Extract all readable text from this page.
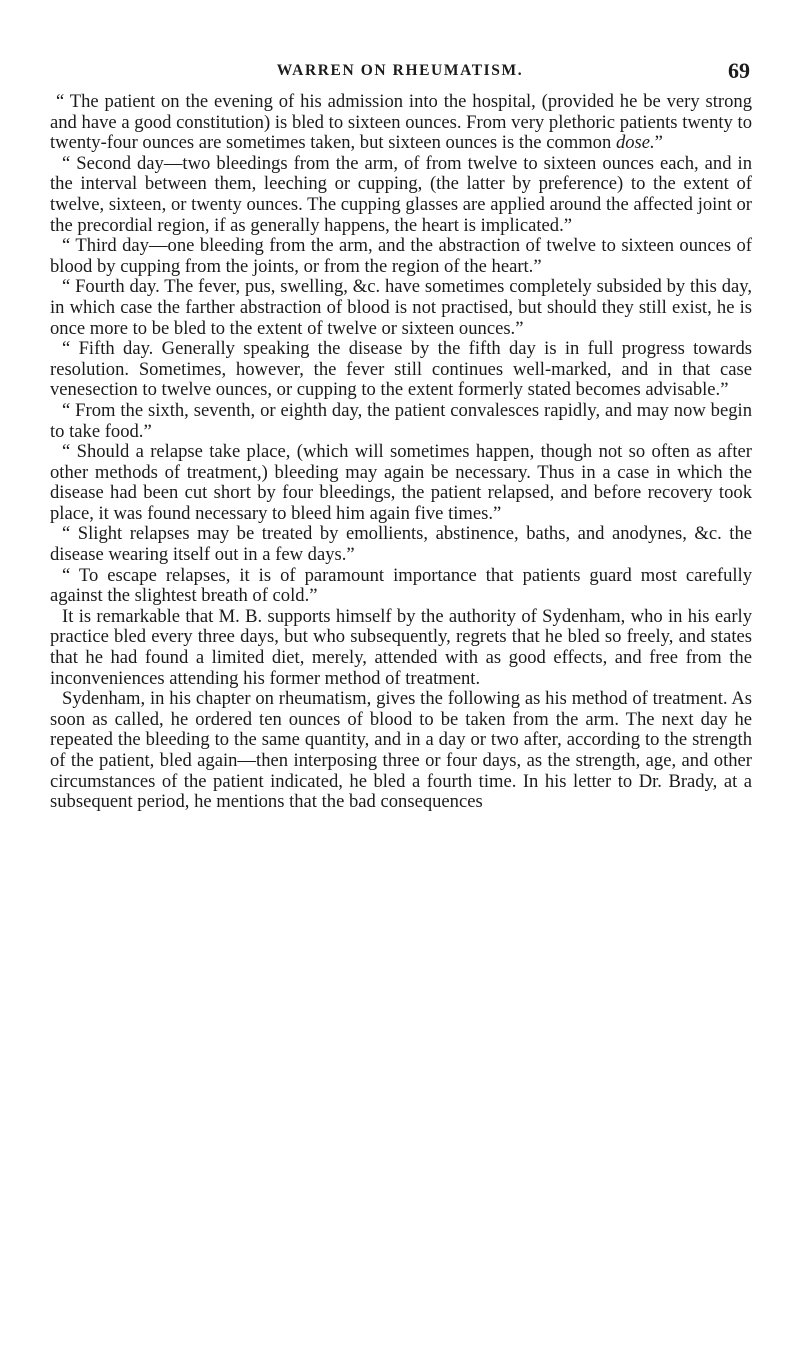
WARREN ON RHEUMATISM.	69

“ The patient on the evening of his admission into the hospital, (provided he be very strong and have a good constitution) is bled to sixteen ounces. From very plethoric patients twenty to twenty-four ounces are sometimes taken, but sixteen ounces is the common dose.”

“ Second day—two bleedings from the arm, of from twelve to sixteen ounces each, and in the interval between them, leeching or cupping, (the latter by preference) to the extent of twelve, sixteen, or twenty ounces. The cupping glasses are applied around the affected joint or the precordial region, if as generally happens, the heart is implicated.”

“ Third day—one bleeding from the arm, and the abstraction of twelve to sixteen ounces of blood by cupping from the joints, or from the region of the heart.”

“ Fourth day. The fever, pus, swelling, &c. have sometimes completely subsided by this day, in which case the farther abstraction of blood is not practised, but should they still exist, he is once more to be bled to the extent of twelve or sixteen ounces.”

“ Fifth day. Generally speaking the disease by the fifth day is in full progress towards resolution. Sometimes, however, the fever still continues well-marked, and in that case venesection to twelve ounces, or cupping to the extent formerly stated becomes advisable.”

“ From the sixth, seventh, or eighth day, the patient convalesces rapidly, and may now begin to take food.”

“ Should a relapse take place, (which will sometimes happen, though not so often as after other methods of treatment,) bleeding may again be necessary. Thus in a case in which the disease had been cut short by four bleedings, the patient relapsed, and before recovery took place, it was found necessary to bleed him again five times.”

“ Slight relapses may be treated by emollients, abstinence, baths, and anodynes, &c. the disease wearing itself out in a few days.”

“ To escape relapses, it is of paramount importance that patients guard most carefully against the slightest breath of cold.”

It is remarkable that M. B. supports himself by the authority of Sydenham, who in his early practice bled every three days, but who subsequently, regrets that he bled so freely, and states that he had found a limited diet, merely, attended with as good effects, and free from the inconveniences attending his former method of treatment.

Sydenham, in his chapter on rheumatism, gives the following as his method of treatment. As soon as called, he ordered ten ounces of blood to be taken from the arm. The next day he repeated the bleeding to the same quantity, and in a day or two after, according to the strength of the patient, bled again—then interposing three or four days, as the strength, age, and other circumstances of the patient indicated, he bled a fourth time. In his letter to Dr. Brady, at a subsequent period, he mentions that the bad consequences
